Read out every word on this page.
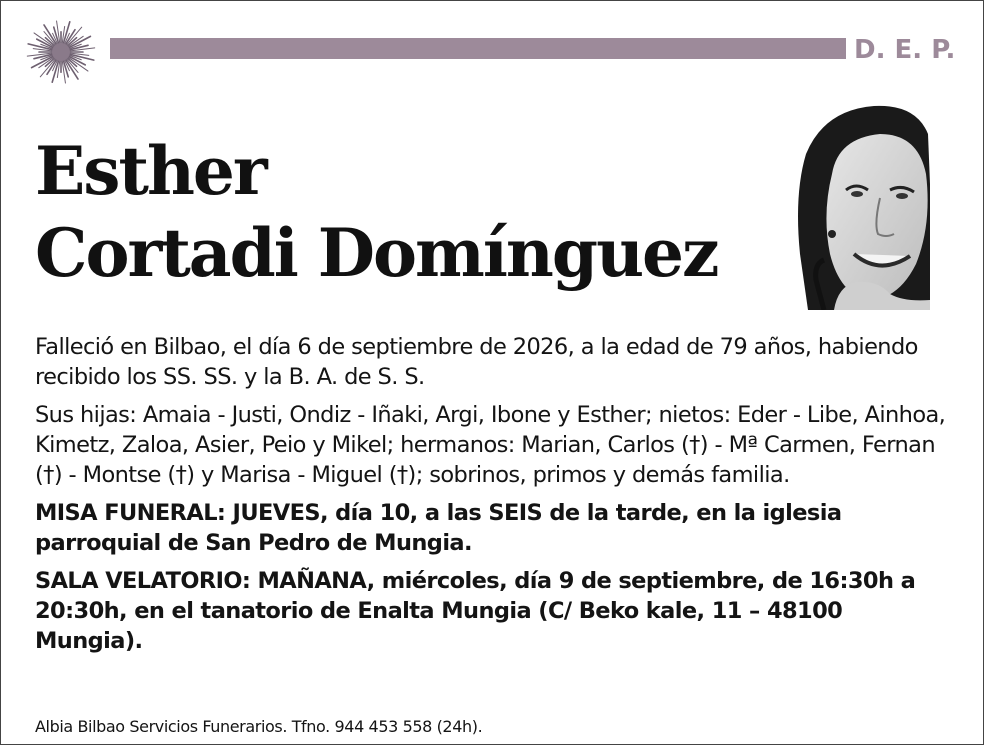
D. E. P.
Esther
Cortadi Domínguez

Falleció en Bilbao, el día 6 de septiembre de 2026, a la edad de 79 años, habiendo recibido los SS. SS. y la B. A. de S. S.

Sus hijas: Amaia - Justi, Ondiz - Iñaki, Argi, Ibone y Esther; nietos: Eder - Libe, Ainhoa, Kimetz, Zaloa, Asier, Peio y Mikel; hermanos: Marian, Carlos (†) - Mª Carmen, Fernan (†) - Montse (†) y Marisa - Miguel (†); sobrinos, primos y demás familia.

MISA FUNERAL: JUEVES, día 10, a las SEIS de la tarde, en la iglesia parroquial de San Pedro de Mungia.

SALA VELATORIO: MAÑANA, miércoles, día 9 de septiembre, de 16:30h a 20:30h, en el tanatorio de Enalta Mungia (C/ Beko kale, 11 – 48100 Mungia).

Albia Bilbao Servicios Funerarios. Tfno. 944 453 558 (24h).
